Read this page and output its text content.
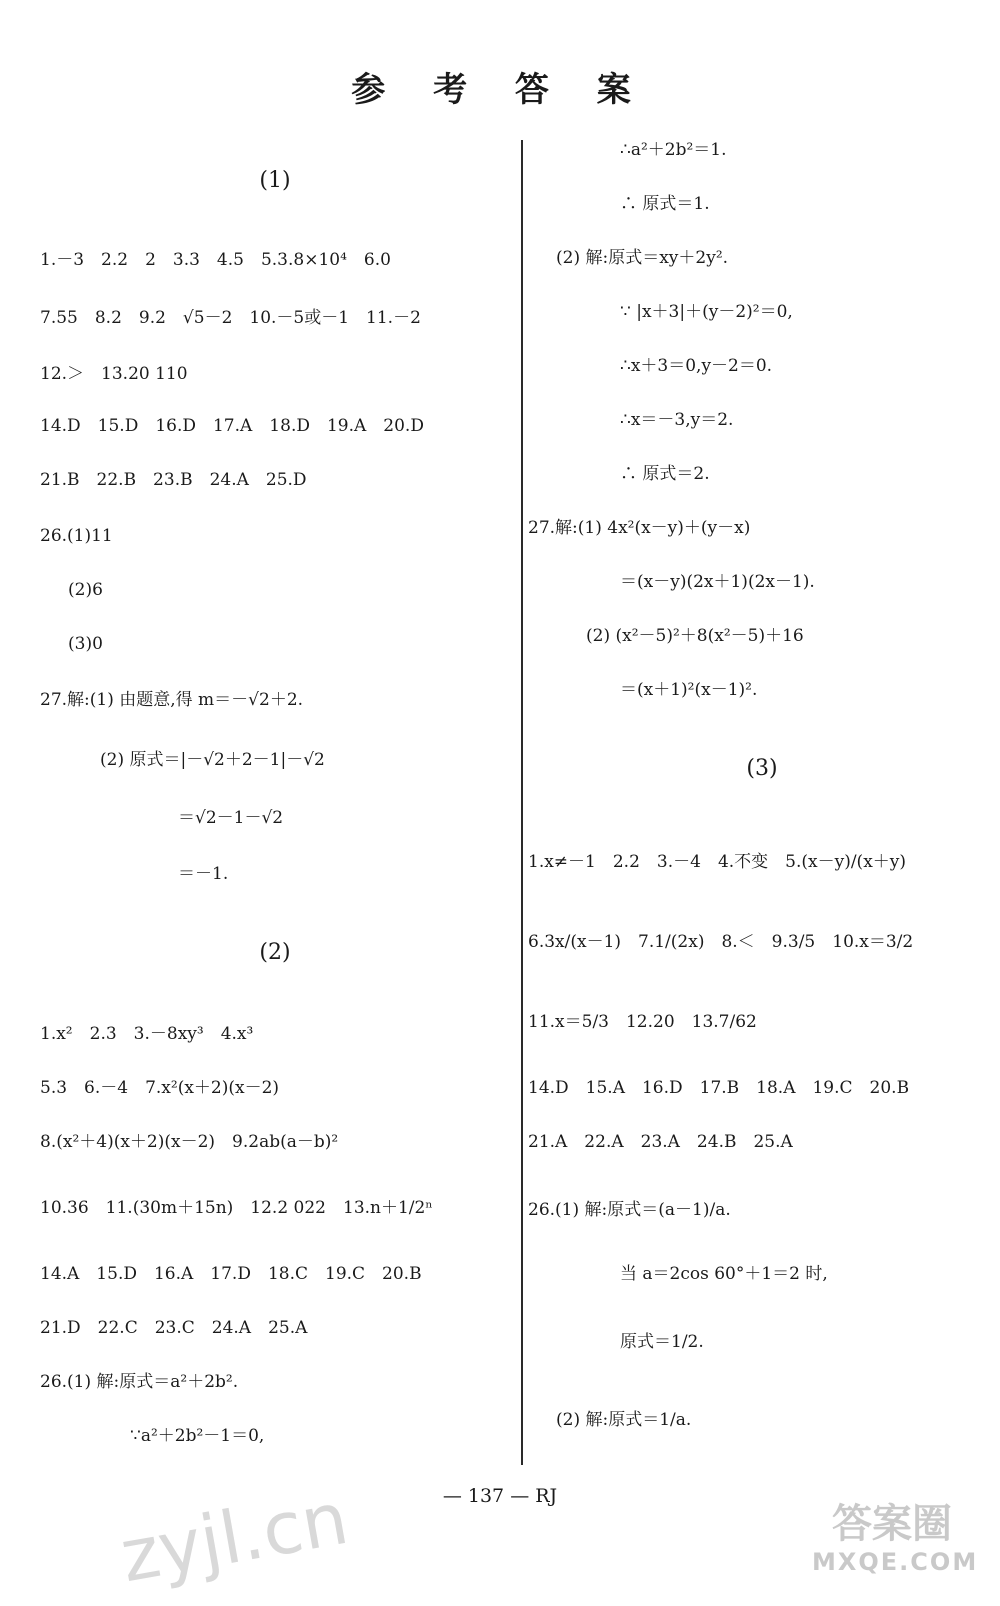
参 考 答 案
(1)
1.－3　2.2　2　3.3　4.5　5.3.8×10⁴　6.0
7.55　8.2　9.2　√5－2　10.－5或－1　11.－2
12.＞　13.20 110
14.D　15.D　16.D　17.A　18.D　19.A　20.D
21.B　22.B　23.B　24.A　25.D
26.(1)11
(2)6
(3)0
27.解:(1) 由题意,得 m＝－√2＋2.
(2) 原式＝|－√2＋2－1|－√2
＝√2－1－√2
＝－1.
(2)
1.x²　2.3　3.－8xy³　4.x³
5.3　6.－4　7.x²(x＋2)(x－2)
8.(x²＋4)(x＋2)(x－2)　9.2ab(a－b)²
10.36　11.(30m＋15n)　12.2 022　13.n＋1/2ⁿ
14.A　15.D　16.A　17.D　18.C　19.C　20.B
21.D　22.C　23.C　24.A　25.A
26.(1) 解:原式＝a²＋2b².
∵a²＋2b²－1＝0,
∴a²＋2b²＝1.
∴ 原式＝1.
(2) 解:原式＝xy＋2y².
∵ |x＋3|＋(y－2)²＝0,
∴x＋3＝0,y－2＝0.
∴x＝－3,y＝2.
∴ 原式＝2.
27.解:(1) 4x²(x－y)＋(y－x)
＝(x－y)(2x＋1)(2x－1).
(2) (x²－5)²＋8(x²－5)＋16
＝(x＋1)²(x－1)².
(3)
1.x≠－1　2.2　3.－4　4.不变　5.(x－y)/(x＋y)
6.3x/(x－1)　7.1/(2x)　8.＜　9.3/5　10.x＝3/2
11.x＝5/3　12.20　13.7/62
14.D　15.A　16.D　17.B　18.A　19.C　20.B
21.A　22.A　23.A　24.B　25.A
26.(1) 解:原式＝(a－1)/a.
当 a＝2cos 60°＋1＝2 时,
原式＝1/2.
(2) 解:原式＝1/a.
— 137 — RJ
zyjl.cn	答案圈
MXQE.COM
